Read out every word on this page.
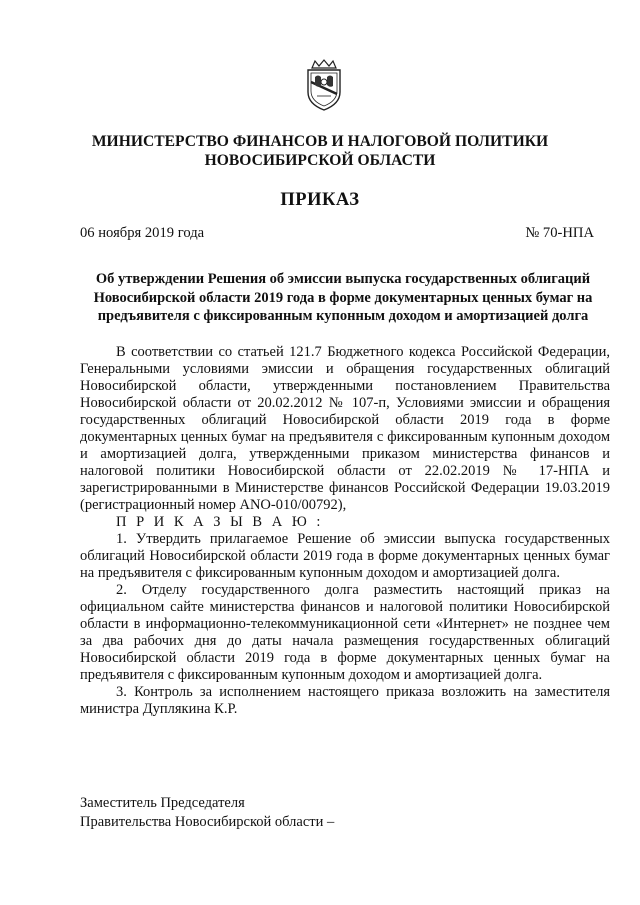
МИНИСТЕРСТВО ФИНАНСОВ И НАЛОГОВОЙ ПОЛИТИКИ
НОВОСИБИРСКОЙ ОБЛАСТИ
ПРИКАЗ
06 ноября 2019 года	№ 70-НПА
Об утверждении Решения об эмиссии выпуска государственных облигаций Новосибирской области 2019 года в форме документарных ценных бумаг на предъявителя с фиксированным купонным доходом и амортизацией долга

В соответствии со статьей 121.7 Бюджетного кодекса Российской Федерации, Генеральными условиями эмиссии и обращения государственных облигаций Новосибирской области, утвержденными постановлением Правительства Новосибирской области от 20.02.2012 № 107-п, Условиями эмиссии и обращения государственных облигаций Новосибирской области 2019 года в форме документарных ценных бумаг на предъявителя с фиксированным купонным доходом и амортизацией долга, утвержденными приказом министерства финансов и налоговой политики Новосибирской области от 22.02.2019 № 17-НПА и зарегистрированными в Министерстве финансов Российской Федерации 19.03.2019 (регистрационный номер ANO-010/00792),

П Р И К А З Ы В А Ю :

1. Утвердить прилагаемое Решение об эмиссии выпуска государственных облигаций Новосибирской области 2019 года в форме документарных ценных бумаг на предъявителя с фиксированным купонным доходом и амортизацией долга.

2. Отделу государственного долга разместить настоящий приказ на официальном сайте министерства финансов и налоговой политики Новосибирской области в информационно-телекоммуникационной сети «Интернет» не позднее чем за два рабочих дня до даты начала размещения государственных облигаций Новосибирской области 2019 года в форме документарных ценных бумаг на предъявителя с фиксированным купонным доходом и амортизацией долга.

3. Контроль за исполнением настоящего приказа возложить на заместителя министра Дуплякина К.Р.

Заместитель Председателя
Правительства Новосибирской области –
